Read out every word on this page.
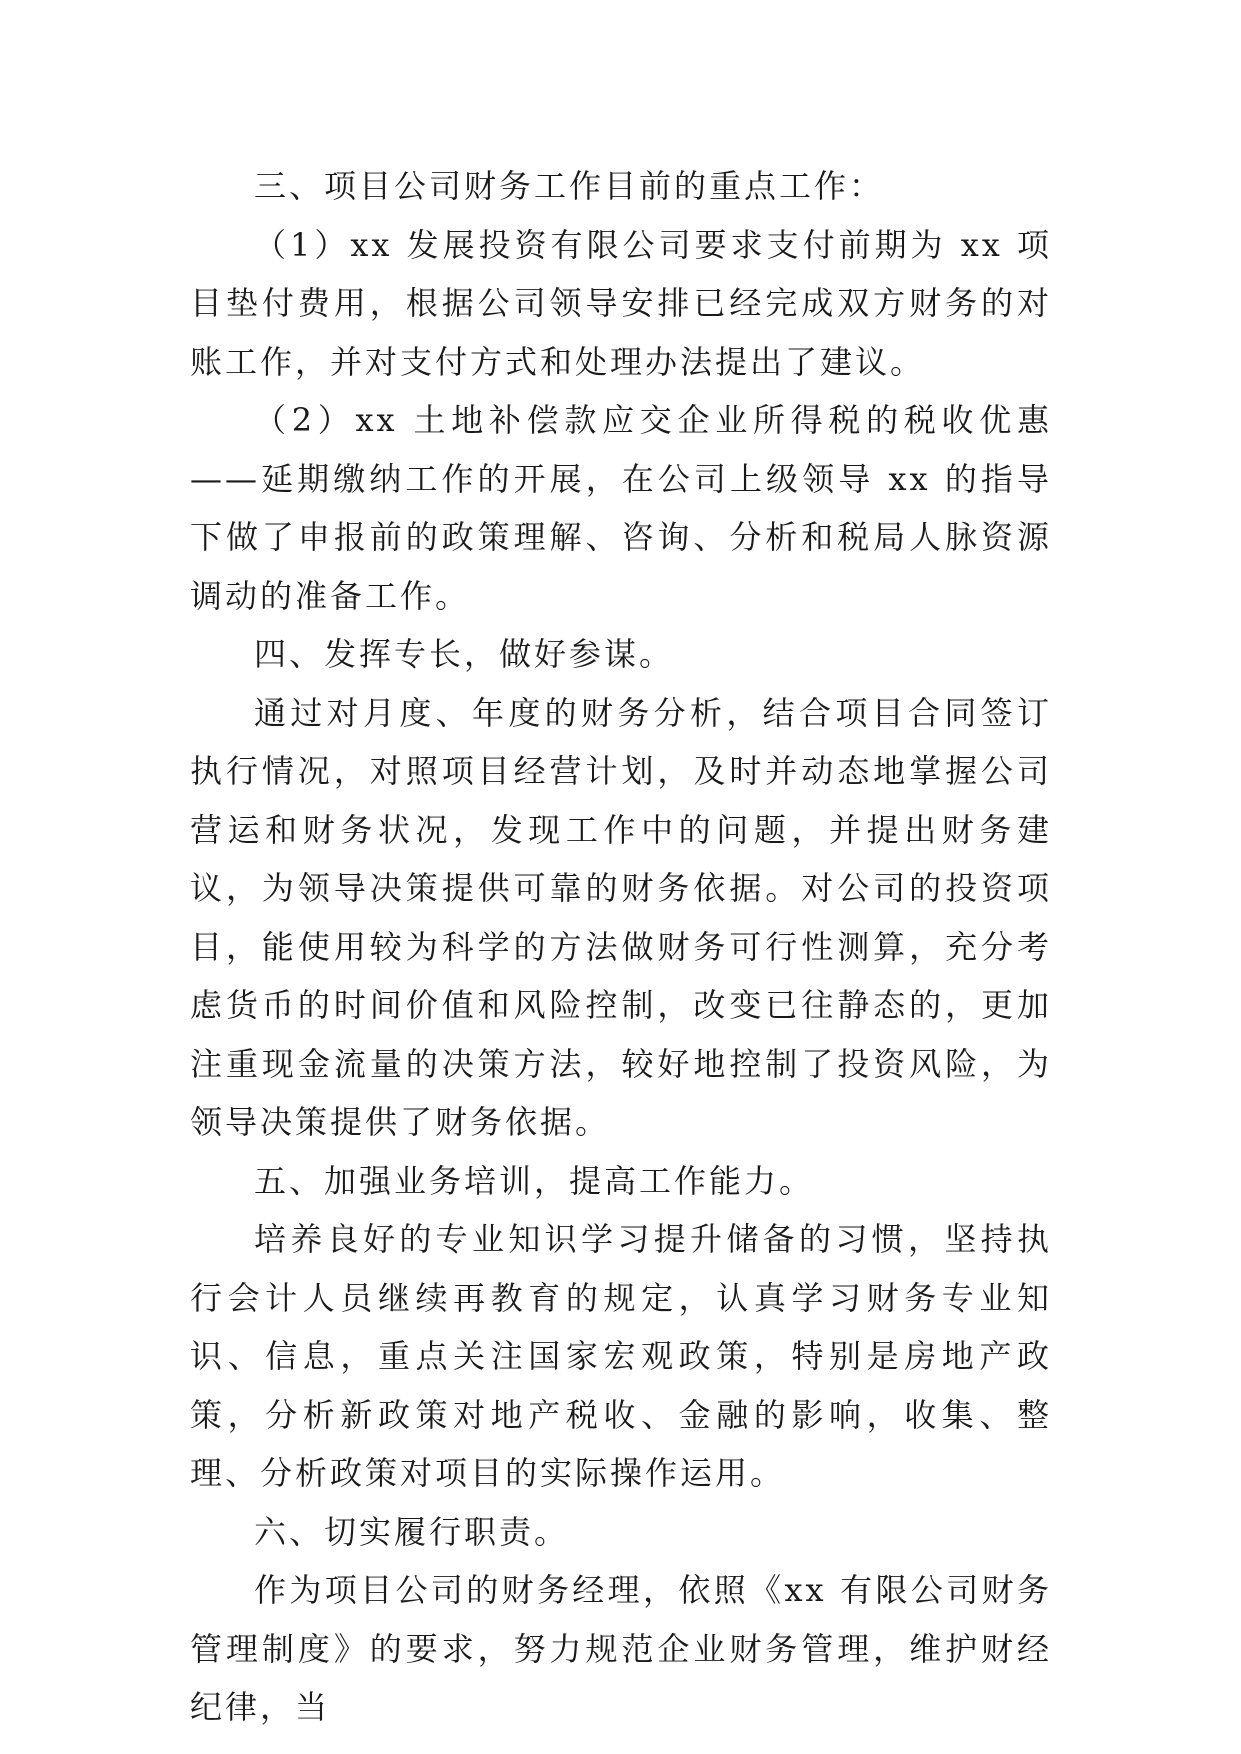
三、项目公司财务工作目前的重点工作：

（1）xx 发展投资有限公司要求支付前期为 xx 项目垫付费用，根据公司领导安排已经完成双方财务的对账工作，并对支付方式和处理办法提出了建议。

（2）xx 土地补偿款应交企业所得税的税收优惠——延期缴纳工作的开展，在公司上级领导 xx 的指导下做了申报前的政策理解、咨询、分析和税局人脉资源调动的准备工作。

四、发挥专长，做好参谋。

通过对月度、年度的财务分析，结合项目合同签订执行情况，对照项目经营计划，及时并动态地掌握公司营运和财务状况，发现工作中的问题，并提出财务建议，为领导决策提供可靠的财务依据。对公司的投资项目，能使用较为科学的方法做财务可行性测算，充分考虑货币的时间价值和风险控制，改变已往静态的，更加注重现金流量的决策方法，较好地控制了投资风险，为领导决策提供了财务依据。

五、加强业务培训，提高工作能力。

培养良好的专业知识学习提升储备的习惯，坚持执行会计人员继续再教育的规定，认真学习财务专业知识、信息，重点关注国家宏观政策，特别是房地产政策，分析新政策对地产税收、金融的影响，收集、整理、分析政策对项目的实际操作运用。

六、切实履行职责。

作为项目公司的财务经理，依照《xx 有限公司财务管理制度》的要求，努力规范企业财务管理，维护财经纪律，当
